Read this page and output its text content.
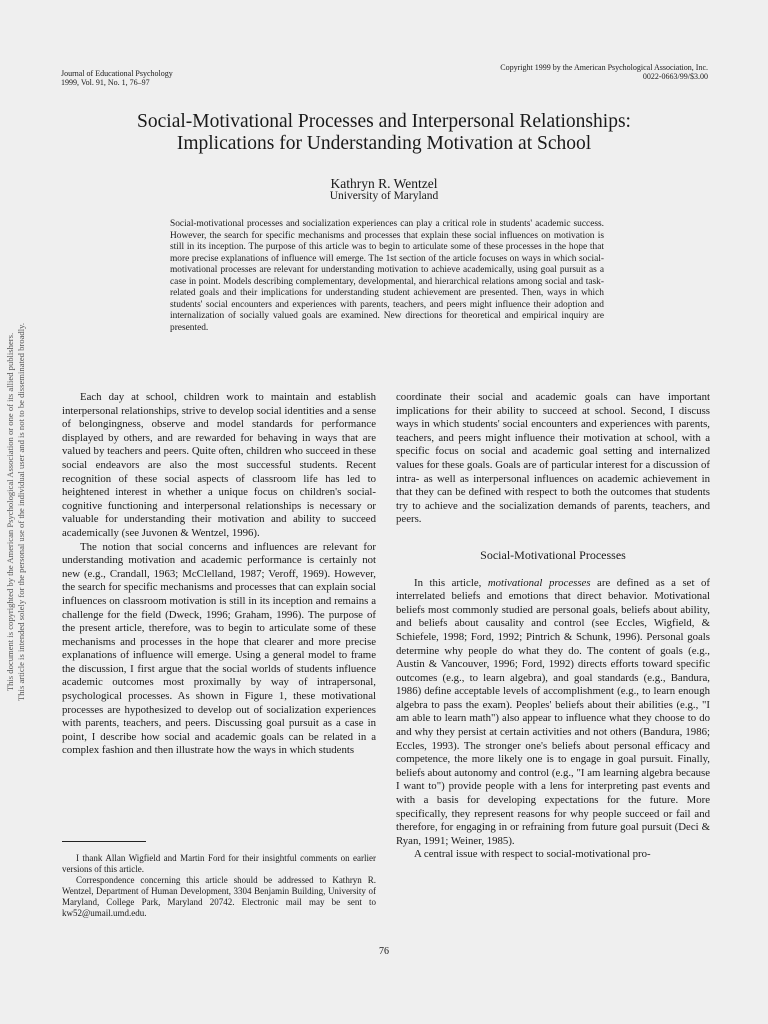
Journal of Educational Psychology
1999, Vol. 91, No. 1, 76–97
Copyright 1999 by the American Psychological Association, Inc.
0022-0663/99/$3.00
Social-Motivational Processes and Interpersonal Relationships:
Implications for Understanding Motivation at School
Kathryn R. Wentzel
University of Maryland
Social-motivational processes and socialization experiences can play a critical role in students' academic success. However, the search for specific mechanisms and processes that explain these social influences on motivation is still in its inception. The purpose of this article was to begin to articulate some of these processes in the hope that more precise explanations of influence will emerge. The 1st section of the article focuses on ways in which social-motivational processes are relevant for understanding motivation to achieve academically, using goal pursuit as a case in point. Models describing complementary, developmental, and hierarchical relations among social and task-related goals and their implications for understanding student achievement are presented. Then, ways in which students' social encounters and experiences with parents, teachers, and peers might influence their adoption and internalization of socially valued goals are examined. New directions for theoretical and empirical inquiry are presented.

Each day at school, children work to maintain and establish interpersonal relationships, strive to develop social identities and a sense of belongingness, observe and model standards for performance displayed by others, and are rewarded for behaving in ways that are valued by teachers and peers. Quite often, children who succeed in these social endeavors are also the most successful students. Recent recognition of these social aspects of classroom life has led to heightened interest in whether a unique focus on children's social-cognitive functioning and interpersonal relationships is necessary or valuable for understanding their motivation and ability to succeed academically (see Juvonen & Wentzel, 1996).

The notion that social concerns and influences are relevant for understanding motivation and academic performance is certainly not new (e.g., Crandall, 1963; McClelland, 1987; Veroff, 1969). However, the search for specific mechanisms and processes that can explain social influences on classroom motivation is still in its inception and remains a challenge for the field (Dweck, 1996; Graham, 1996). The purpose of the present article, therefore, was to begin to articulate some of these mechanisms and processes in the hope that clearer and more precise explanations of influence will emerge. Using a general model to frame the discussion, I first argue that the social worlds of students influence academic outcomes most proximally by way of intrapersonal, psychological processes. As shown in Figure 1, these motivational processes are hypothesized to develop out of socialization experiences with parents, teachers, and peers. Discussing goal pursuit as a case in point, I describe how social and academic goals can be related in a complex fashion and then illustrate how the ways in which students

coordinate their social and academic goals can have important implications for their ability to succeed at school. Second, I discuss ways in which students' social encounters and experiences with parents, teachers, and peers might influence their motivation at school, with a specific focus on social and academic goal setting and internalized values for these goals. Goals are of particular interest for a discussion of intra- as well as interpersonal influences on academic achievement in that they can be defined with respect to both the outcomes that students try to achieve and the socialization demands of parents, teachers, and peers.

Social-Motivational Processes

In this article, motivational processes are defined as a set of interrelated beliefs and emotions that direct behavior. Motivational beliefs most commonly studied are personal goals, beliefs about ability, and beliefs about causality and control (see Eccles, Wigfield, & Schiefele, 1998; Ford, 1992; Pintrich & Schunk, 1996). Personal goals determine why people do what they do. The content of goals (e.g., Austin & Vancouver, 1996; Ford, 1992) directs efforts toward specific outcomes (e.g., to learn algebra), and goal standards (e.g., Bandura, 1986) define acceptable levels of accomplishment (e.g., to learn enough algebra to pass the exam). Peoples' beliefs about their abilities (e.g., "I am able to learn math") also appear to influence what they choose to do and why they persist at certain activities and not others (Bandura, 1986; Eccles, 1993). The stronger one's beliefs about personal efficacy and competence, the more likely one is to engage in goal pursuit. Finally, beliefs about autonomy and control (e.g., "I am learning algebra because I want to") provide people with a lens for interpreting past events and with a basis for developing expectations for the future. More specifically, they represent reasons for why people succeed or fail and therefore, for engaging in or refraining from future goal pursuit (Deci & Ryan, 1991; Weiner, 1985).

A central issue with respect to social-motivational pro-

I thank Allan Wigfield and Martin Ford for their insightful comments on earlier versions of this article.

Correspondence concerning this article should be addressed to Kathryn R. Wentzel, Department of Human Development, 3304 Benjamin Building, University of Maryland, College Park, Maryland 20742. Electronic mail may be sent to kw52@umail.umd.edu.

76
This document is copyrighted by the American Psychological Association or one of its allied publishers. This article is intended solely for the personal use of the individual user and is not to be disseminated broadly.
